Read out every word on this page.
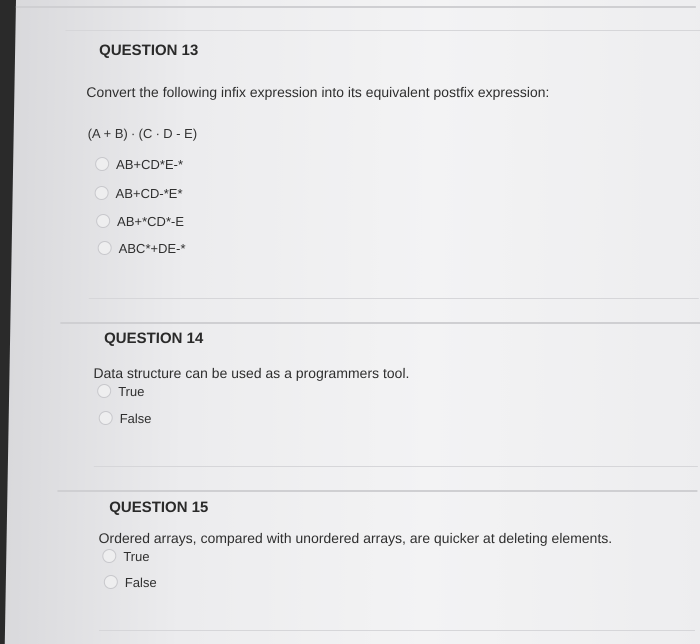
QUESTION 13
Convert the following infix expression into its equivalent postfix expression:
(A + B) ∙ (C ∙ D - E)
AB+CD*E-*
AB+CD-*E*
AB+*CD*-E
ABC*+DE-*
QUESTION 14
Data structure can be used as a programmers tool.
True
False
QUESTION 15
Ordered arrays, compared with unordered arrays, are quicker at deleting elements.
True
False
